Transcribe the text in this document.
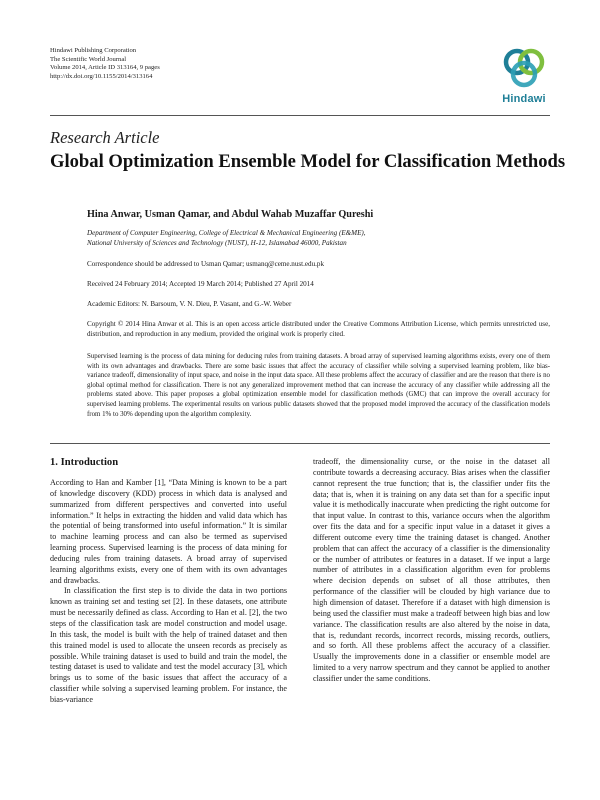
Hindawi Publishing Corporation
The Scientific World Journal
Volume 2014, Article ID 313164, 9 pages
http://dx.doi.org/10.1155/2014/313164
Hindawi
Research Article
Global Optimization Ensemble Model for Classification Methods
Hina Anwar, Usman Qamar, and Abdul Wahab Muzaffar Qureshi
Department of Computer Engineering, College of Electrical & Mechanical Engineering (E&ME),
National University of Sciences and Technology (NUST), H-12, Islamabad 46000, Pakistan
Correspondence should be addressed to Usman Qamar; usmanq@ceme.nust.edu.pk
Received 24 February 2014; Accepted 19 March 2014; Published 27 April 2014
Academic Editors: N. Barsoum, V. N. Dieu, P. Vasant, and G.-W. Weber
Copyright © 2014 Hina Anwar et al. This is an open access article distributed under the Creative Commons Attribution License, which permits unrestricted use, distribution, and reproduction in any medium, provided the original work is properly cited.
Supervised learning is the process of data mining for deducing rules from training datasets. A broad array of supervised learning algorithms exists, every one of them with its own advantages and drawbacks. There are some basic issues that affect the accuracy of classifier while solving a supervised learning problem, like bias-variance tradeoff, dimensionality of input space, and noise in the input data space. All these problems affect the accuracy of classifier and are the reason that there is no global optimal method for classification. There is not any generalized improvement method that can increase the accuracy of any classifier while addressing all the problems stated above. This paper proposes a global optimization ensemble model for classification methods (GMC) that can improve the overall accuracy for supervised learning problems. The experimental results on various public datasets showed that the proposed model improved the accuracy of the classification models from 1% to 30% depending upon the algorithm complexity.
1. Introduction

According to Han and Kamber [1], “Data Mining is known to be a part of knowledge discovery (KDD) process in which data is analysed and summarized from different perspectives and converted into useful information.” It helps in extracting the hidden and valid data which has the potential of being transformed into useful information.” It is similar to machine learning process and can also be termed as supervised learning process. Supervised learning is the process of data mining for deducing rules from training datasets. A broad array of supervised learning algorithms exists, every one of them with its own advantages and drawbacks.

In classification the first step is to divide the data in two portions known as training set and testing set [2]. In these datasets, one attribute must be necessarily defined as class. According to Han et al. [2], the two steps of the classification task are model construction and model usage. In this task, the model is built with the help of trained dataset and then this trained model is used to allocate the unseen records as precisely as possible. While training dataset is used to build and train the model, the testing dataset is used to validate and test the model accuracy [3], which brings us to some of the basic issues that affect the accuracy of a classifier while solving a supervised learning problem. For instance, the bias-variance

tradeoff, the dimensionality curse, or the noise in the dataset all contribute towards a decreasing accuracy. Bias arises when the classifier cannot represent the true function; that is, the classifier under fits the data; that is, when it is training on any data set than for a specific input value it is methodically inaccurate when predicting the right outcome for that input value. In contrast to this, variance occurs when the algorithm over fits the data and for a specific input value in a dataset it gives a different outcome every time the training dataset is changed. Another problem that can affect the accuracy of a classifier is the dimensionality or the number of attributes or features in a dataset. If we input a large number of attributes in a classification algorithm even for problems where decision depends on subset of all those attributes, then performance of the classifier will be clouded by high variance due to high dimension of dataset. Therefore if a dataset with high dimension is being used the classifier must make a tradeoff between high bias and low variance. The classification results are also altered by the noise in data, that is, redundant records, incorrect records, missing records, outliers, and so forth. All these problems affect the accuracy of a classifier. Usually the improvements done in a classifier or ensemble model are limited to a very narrow spectrum and they cannot be applied to another classifier under the same conditions.
